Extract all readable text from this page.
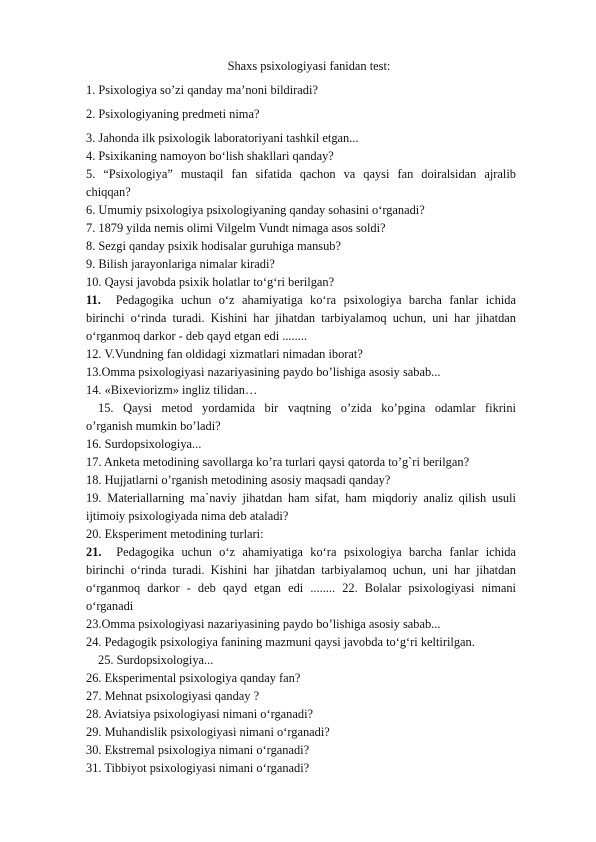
Shaxs psixologiyasi fanidan test:
1. Psixologiya so’zi qanday ma’noni bildiradi?
2. Psixologiyaning predmeti nima?
3. Jahonda ilk psixologik laboratoriyani tashkil etgan...
4. Psixikaning namoyon bo‘lish shakllari qanday?
5. “Psixologiya” mustaqil fan sifatida qachon va qaysi fan doiralsidan ajralib
chiqqan?
6. Umumiy psixologiya psixologiyaning qanday sohasini o‘rganadi?
7. 1879 yilda nemis olimi Vilgelm Vundt nimaga asos soldi?
8. Sezgi qanday psixik hodisalar guruhiga mansub?
9. Bilish jarayonlariga nimalar kiradi?
10. Qaysi javobda psixik holatlar to‘g‘ri berilgan?
11. Pedagogika uchun o‘z ahamiyatiga ko‘ra psixologiya barcha fanlar ichida
birinchi o‘rinda turadi. Kishini har jihatdan tarbiyalamoq uchun, uni har jihatdan
o‘rganmoq darkor - deb qayd etgan edi ........
12. V.Vundning fan oldidagi xizmatlari nimadan iborat?
13.Omma psixologiyasi nazariyasining paydo bo’lishiga asosiy sabab...
14. «Bixeviorizm» ingliz tilidan…
15. Qaysi metod yordamida bir vaqtning o’zida ko’pgina odamlar fikrini
o’rganish mumkin bo’ladi?
16. Surdopsixologiya...
17. Anketa metodining savollarga ko’ra turlari qaysi qatorda to’g`ri berilgan?
18. Hujjatlarni o’rganish metodining asosiy maqsadi qanday?
19. Materiallarning ma`naviy jihatdan ham sifat, ham miqdoriy analiz qilish usuli
ijtimoiy psixologiyada nima deb ataladi?
20. Eksperiment metodining turlari:
21. Pedagogika uchun o‘z ahamiyatiga ko‘ra psixologiya barcha fanlar ichida
birinchi o‘rinda turadi. Kishini har jihatdan tarbiyalamoq uchun, uni har jihatdan
o‘rganmoq darkor - deb qayd etgan edi ........ 22. Bolalar psixologiyasi nimani
o‘rganadi
23.Omma psixologiyasi nazariyasining paydo bo’lishiga asosiy sabab...
24. Pedagogik psixologiya fanining mazmuni qaysi javobda to‘g‘ri keltirilgan.
25. Surdopsixologiya...
26. Eksperimental psixologiya qanday fan?
27. Mehnat psixologiyasi qanday ?
28. Aviatsiya psixologiyasi nimani o‘rganadi?
29. Muhandislik psixologiyasi nimani o‘rganadi?
30. Ekstremal psixologiya nimani o‘rganadi?
31. Tibbiyot psixologiyasi nimani o‘rganadi?
